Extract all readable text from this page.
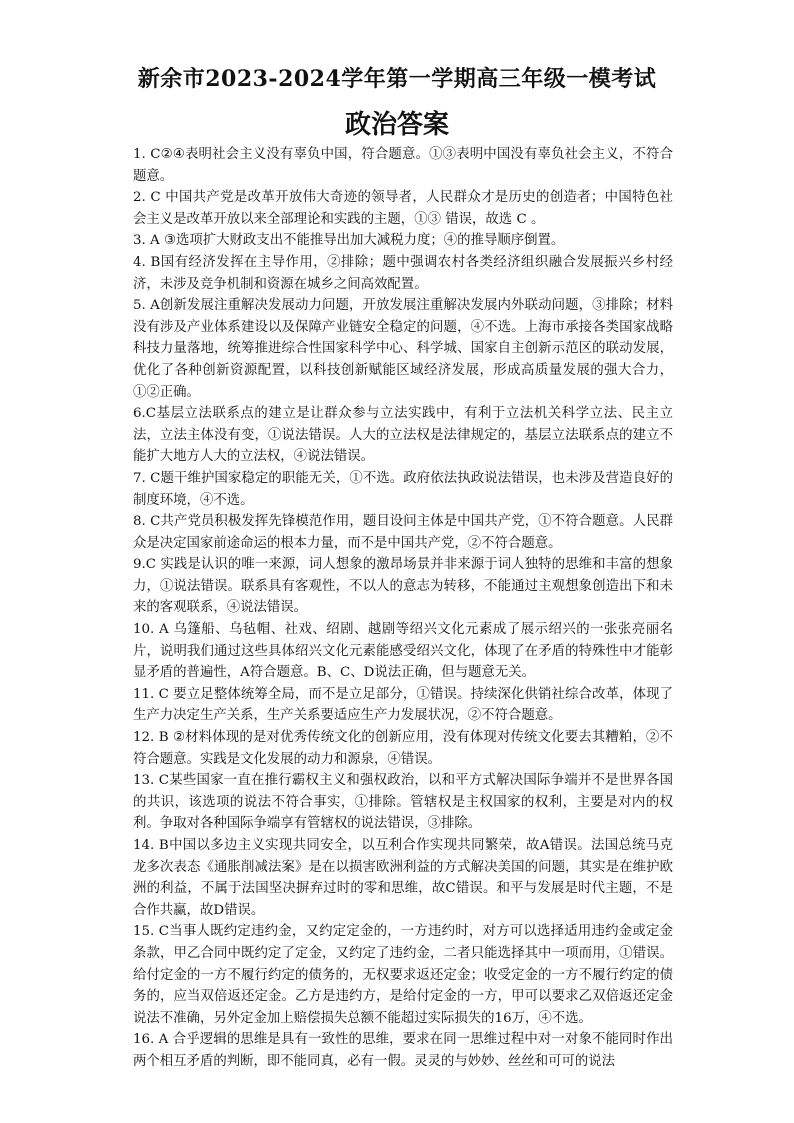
新余市2023-2024学年第一学期高三年级一模考试
政治答案

1. C②④表明社会主义没有辜负中国，符合题意。①③表明中国没有辜负社会主义，不符合题意。

2. C 中国共产党是改革开放伟大奇迹的领导者，人民群众才是历史的创造者；中国特色社会主义是改革开放以来全部理论和实践的主题，①③ 错误，故选 C 。

3. A ③选项扩大财政支出不能推导出加大减税力度；④的推导顺序倒置。

4. B国有经济发挥在主导作用，②排除；题中强调农村各类经济组织融合发展振兴乡村经济，未涉及竞争机制和资源在城乡之间高效配置。

5. A创新发展注重解决发展动力问题，开放发展注重解决发展内外联动问题，③排除；材料没有涉及产业体系建设以及保障产业链安全稳定的问题，④不选。上海市承接各类国家战略科技力量落地，统筹推进综合性国家科学中心、科学城、国家自主创新示范区的联动发展，优化了各种创新资源配置，以科技创新赋能区域经济发展，形成高质量发展的强大合力，①②正确。

6.C基层立法联系点的建立是让群众参与立法实践中，有利于立法机关科学立法、民主立法，立法主体没有变，①说法错误。人大的立法权是法律规定的，基层立法联系点的建立不能扩大地方人大的立法权，④说法错误。

7. C题干维护国家稳定的职能无关，①不选。政府依法执政说法错误，也未涉及营造良好的制度环境，④不选。

8. C共产党员积极发挥先锋模范作用，题目设问主体是中国共产党，①不符合题意。人民群众是决定国家前途命运的根本力量，而不是中国共产党，②不符合题意。

9.C 实践是认识的唯一来源，词人想象的激昂场景并非来源于词人独特的思维和丰富的想象力，①说法错误。联系具有客观性，不以人的意志为转移，不能通过主观想象创造出下和未来的客观联系，④说法错误。

10. A 乌篷船、乌毡帽、社戏、绍剧、越剧等绍兴文化元素成了展示绍兴的一张张亮丽名片，说明我们通过这些具体绍兴文化元素能感受绍兴文化，体现了在矛盾的特殊性中才能彰显矛盾的普遍性，A符合题意。B、C、D说法正确，但与题意无关。

11. C 要立足整体统筹全局，而不是立足部分，①错误。持续深化供销社综合改革，体现了生产力决定生产关系，生产关系要适应生产力发展状况，②不符合题意。

12. B ②材料体现的是对优秀传统文化的创新应用，没有体现对传统文化要去其糟粕，②不符合题意。实践是文化发展的动力和源泉，④错误。

13. C某些国家一直在推行霸权主义和强权政治，以和平方式解决国际争端并不是世界各国的共识，该选项的说法不符合事实，①排除。管辖权是主权国家的权利，主要是对内的权利。争取对各种国际争端享有管辖权的说法错误，③排除。

14. B中国以多边主义实现共同安全，以互利合作实现共同繁荣，故A错误。法国总统马克龙多次表态《通胀削减法案》是在以损害欧洲利益的方式解决美国的问题，其实是在维护欧洲的利益，不属于法国坚决摒弃过时的零和思维，故C错误。和平与发展是时代主题，不是合作共赢，故D错误。

15. C当事人既约定违约金，又约定定金的，一方违约时，对方可以选择适用违约金或定金条款，甲乙合同中既约定了定金，又约定了违约金，二者只能选择其中一项而用，①错误。给付定金的一方不履行约定的债务的，无权要求返还定金；收受定金的一方不履行约定的债务的，应当双倍返还定金。乙方是违约方，是给付定金的一方，甲可以要求乙双倍返还定金说法不准确，另外定金加上赔偿损失总额不能超过实际损失的16万，④不选。

16. A 合乎逻辑的思维是具有一致性的思维，要求在同一思维过程中对一对象不能同时作出两个相互矛盾的判断，即不能同真，必有一假。灵灵的与妙妙、丝丝和可可的说法
